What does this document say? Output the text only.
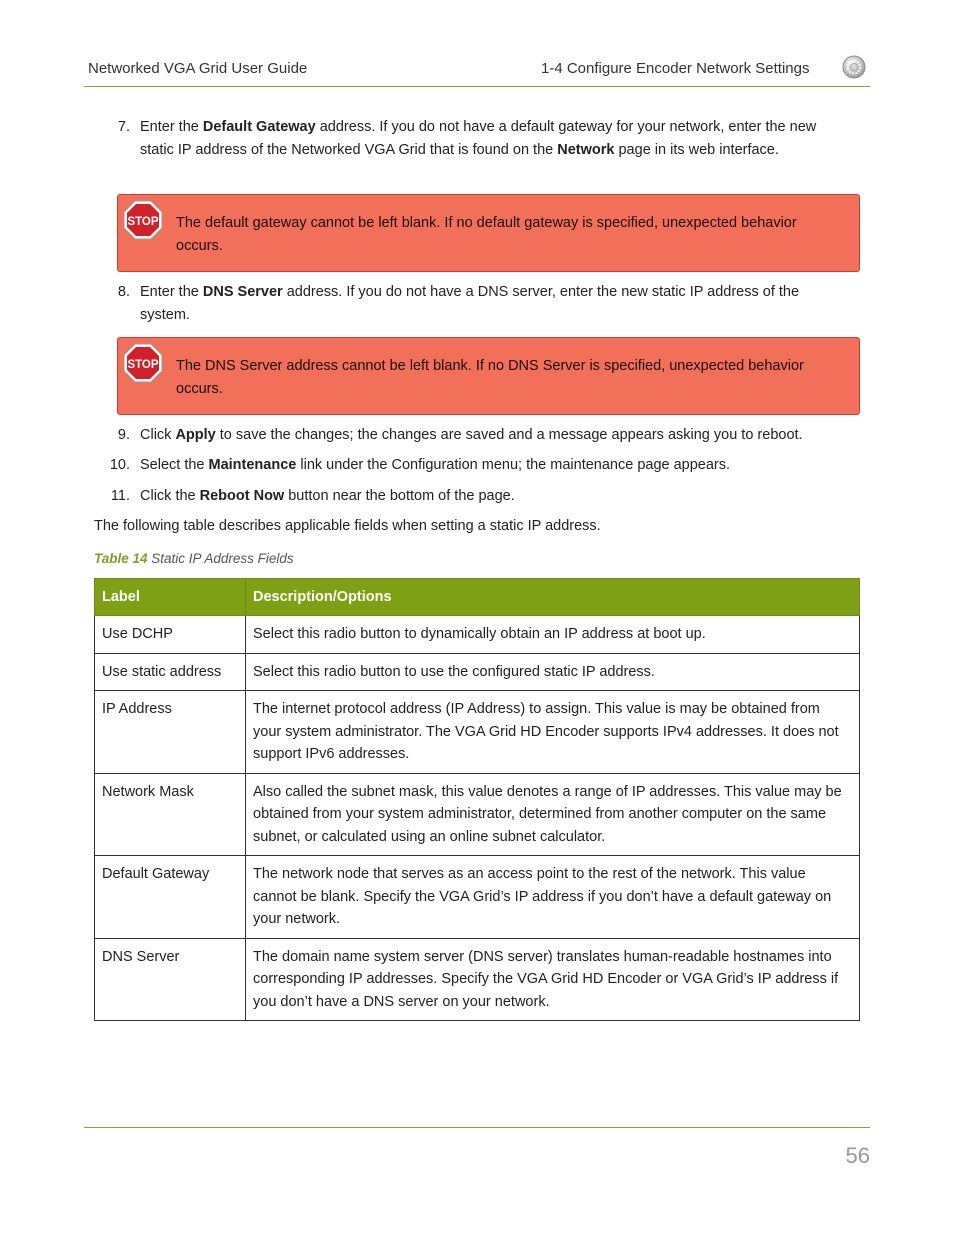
Networked VGA Grid User Guide	1-4 Configure Encoder Network Settings
7. Enter the Default Gateway address. If you do not have a default gateway for your network, enter the new static IP address of the Networked VGA Grid that is found on the Network page in its web interface.
STOP The default gateway cannot be left blank. If no default gateway is specified, unexpected behavior occurs.
8. Enter the DNS Server address. If you do not have a DNS server, enter the new static IP address of the system.
STOP The DNS Server address cannot be left blank. If no DNS Server is specified, unexpected behavior occurs.
9. Click Apply to save the changes; the changes are saved and a message appears asking you to reboot.
10. Select the Maintenance link under the Configuration menu; the maintenance page appears.
11. Click the Reboot Now button near the bottom of the page.
The following table describes applicable fields when setting a static IP address.
Table 14 Static IP Address Fields
Label	Description/Options
Use DCHP	Select this radio button to dynamically obtain an IP address at boot up.
Use static address	Select this radio button to use the configured static IP address.
IP Address	The internet protocol address (IP Address) to assign. This value is may be obtained from your system administrator. The VGA Grid HD Encoder supports IPv4 addresses. It does not support IPv6 addresses.
Network Mask	Also called the subnet mask, this value denotes a range of IP addresses. This value may be obtained from your system administrator, determined from another computer on the same subnet, or calculated using an online subnet calculator.
Default Gateway	The network node that serves as an access point to the rest of the network. This value cannot be blank. Specify the VGA Grid’s IP address if you don’t have a default gateway on your network.
DNS Server	The domain name system server (DNS server) translates human-readable hostnames into corresponding IP addresses. Specify the VGA Grid HD Encoder or VGA Grid’s IP address if you don’t have a DNS server on your network.
56
